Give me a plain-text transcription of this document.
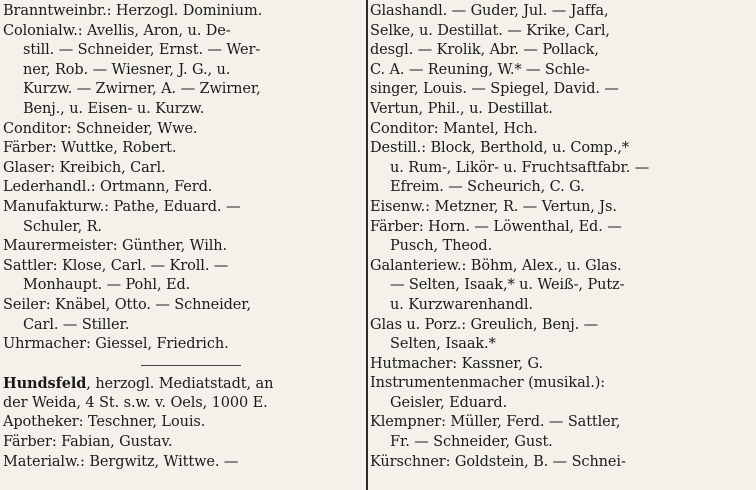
Branntweinbr.: Herzogl. Dominium.
Colonialw.: Avellis, Aron, u. De-
still. — Schneider, Ernst. — Wer-
ner, Rob. — Wiesner, J. G., u.
Kurzw. — Zwirner, A. — Zwirner,
Benj., u. Eisen- u. Kurzw.
Conditor: Schneider, Wwe.
Färber: Wuttke, Robert.
Glaser: Kreibich, Carl.
Lederhandl.: Ortmann, Ferd.
Manufakturw.: Pathe, Eduard. —
Schuler, R.
Maurermeister: Günther, Wilh.
Sattler: Klose, Carl. — Kroll. —
Monhaupt. — Pohl, Ed.
Seiler: Knäbel, Otto. — Schneider,
Carl. — Stiller.
Uhrmacher: Giessel, Friedrich.
Hundsfeld, herzogl. Mediatstadt, an
der Weida, 4 St. s.w. v. Oels, 1000 E.
Apotheker: Teschner, Louis.
Färber: Fabian, Gustav.
Materialw.: Bergwitz, Wittwe. —
Glashandl. — Guder, Jul. — Jaffa,
Selke, u. Destillat. — Krike, Carl,
desgl. — Krolik, Abr. — Pollack,
C. A. — Reuning, W.* — Schle-
singer, Louis. — Spiegel, David. —
Vertun, Phil., u. Destillat.
Conditor: Mantel, Hch.
Destill.: Block, Berthold, u. Comp.,*
u. Rum-, Likör- u. Fruchtsaftfabr. —
Efreim. — Scheurich, C. G.
Eisenw.: Metzner, R. — Vertun, Js.
Färber: Horn. — Löwenthal, Ed. —
Pusch, Theod.
Galanteriew.: Böhm, Alex., u. Glas.
— Selten, Isaak,* u. Weiß-, Putz-
u. Kurzwarenhandl.
Glas u. Porz.: Greulich, Benj. —
Selten, Isaak.*
Hutmacher: Kassner, G.
Instrumentenmacher (musikal.):
Geisler, Eduard.
Klempner: Müller, Ferd. — Sattler,
Fr. — Schneider, Gust.
Kürschner: Goldstein, B. — Schnei-
